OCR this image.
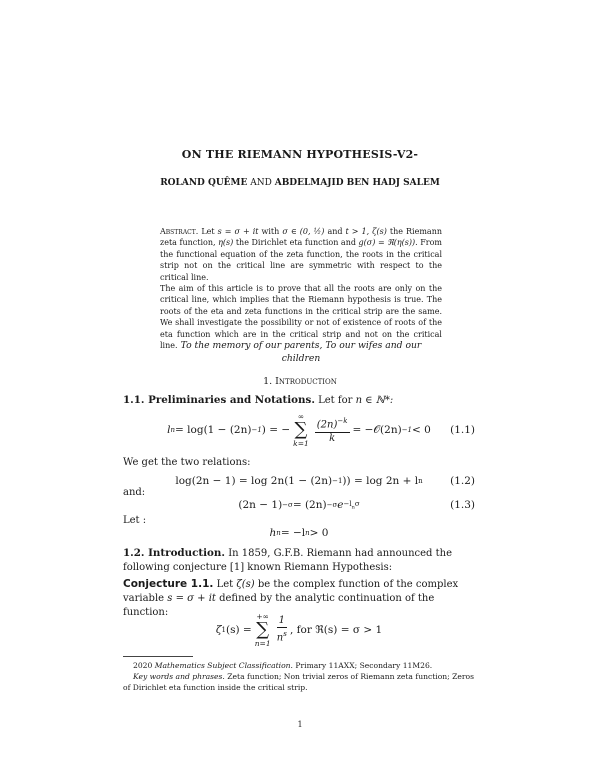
ON THE RIEMANN HYPOTHESIS-V2-
ROLAND QUÊME AND ABDELMAJID BEN HADJ SALEM

Abstract. Let s = σ + it with σ ∈ (0, ½) and t > 1, ζ(s) the Riemann zeta function, η(s) the Dirichlet eta function and g(σ) = ℜ(η(s)). From the functional equation of the zeta function, the roots in the critical strip not on the critical line are symmetric with respect to the critical line.

The aim of this article is to prove that all the roots are only on the critical line, which implies that the Riemann hypothesis is true. The roots of the eta and zeta functions in the critical strip are the same. We shall investigate the possibility or not of existence of roots of the eta function which are in the critical strip and not on the critical line. To the memory of our parents, To our wifes and our children
1. Introduction
1.1. Preliminaries and Notations. Let for n ∈ ℕ*:
l n = log(1 − (2n) −1 ) = −
∞
∑
$k=1 \frac{(2n)^{-k}}{k}$ = −𝒪(2n) −1 < 0 (1.1)
We get the two relations:
log(2n − 1) = log 2n(1 − (2n) −1 )) = log 2n + l n	(1.2)
and:
(2n − 1) −σ = (2n) −σ $e -l_n\sigma$	(1.3)
Let :
h n = −l n > 0
1.2. Introduction. In 1859, G.F.B. Riemann had announced the following conjecture [1] known Riemann Hypothesis:
Conjecture 1.1. Let ζ(s) be the complex function of the complex variable s = σ + it defined by the analytic continuation of the function:
ζ 1 (s) =
+∞
∑
$n=1 \frac{1}{n^s}$ , for ℜ(s) = σ > 1
2020 Mathematics Subject Classification. Primary 11AXX; Secondary 11M26.
Key words and phrases. Zeta function; Non trivial zeros of Riemann zeta function; Zeros of Dirichlet eta function inside the critical strip.
1
